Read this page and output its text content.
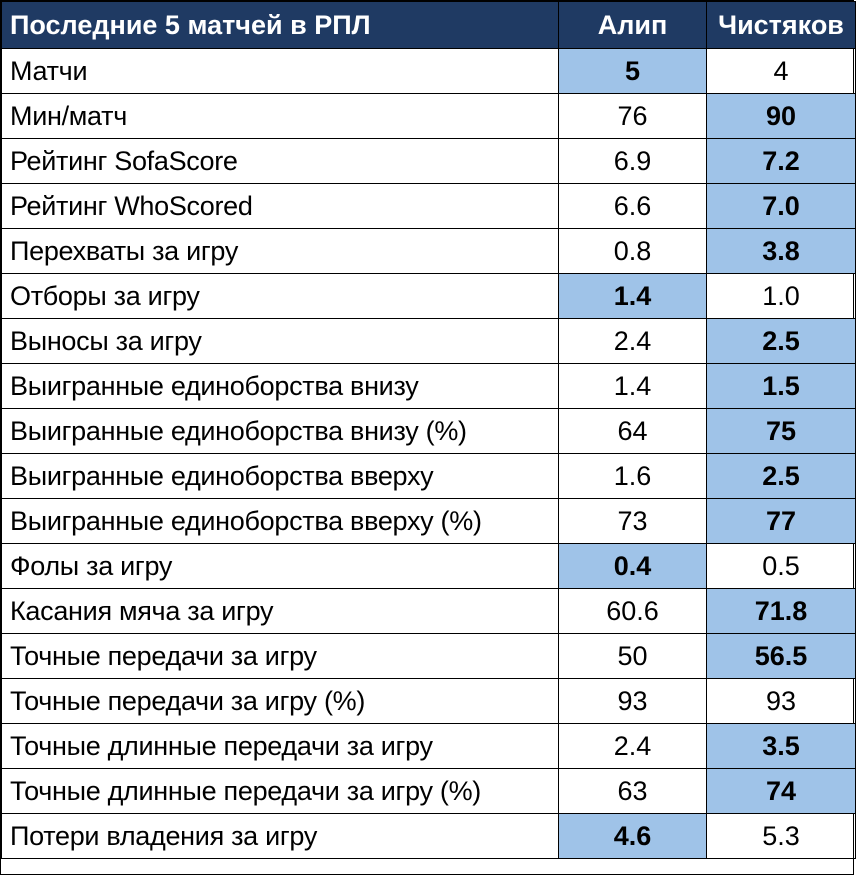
Последние 5 матчей в РПЛ	Алип	Чистяков
Матчи	5	4
Мин/матч	76	90
Рейтинг SofaScore	6.9	7.2
Рейтинг WhoScored	6.6	7.0
Перехваты за игру	0.8	3.8
Отборы за игру	1.4	1.0
Выносы за игру	2.4	2.5
Выигранные единоборства внизу	1.4	1.5
Выигранные единоборства внизу (%)	64	75
Выигранные единоборства вверху	1.6	2.5
Выигранные единоборства вверху (%)	73	77
Фолы за игру	0.4	0.5
Касания мяча за игру	60.6	71.8
Точные передачи за игру	50	56.5
Точные передачи за игру (%)	93	93
Точные длинные передачи за игру	2.4	3.5
Точные длинные передачи за игру (%)	63	74
Потери владения за игру	4.6	5.3
